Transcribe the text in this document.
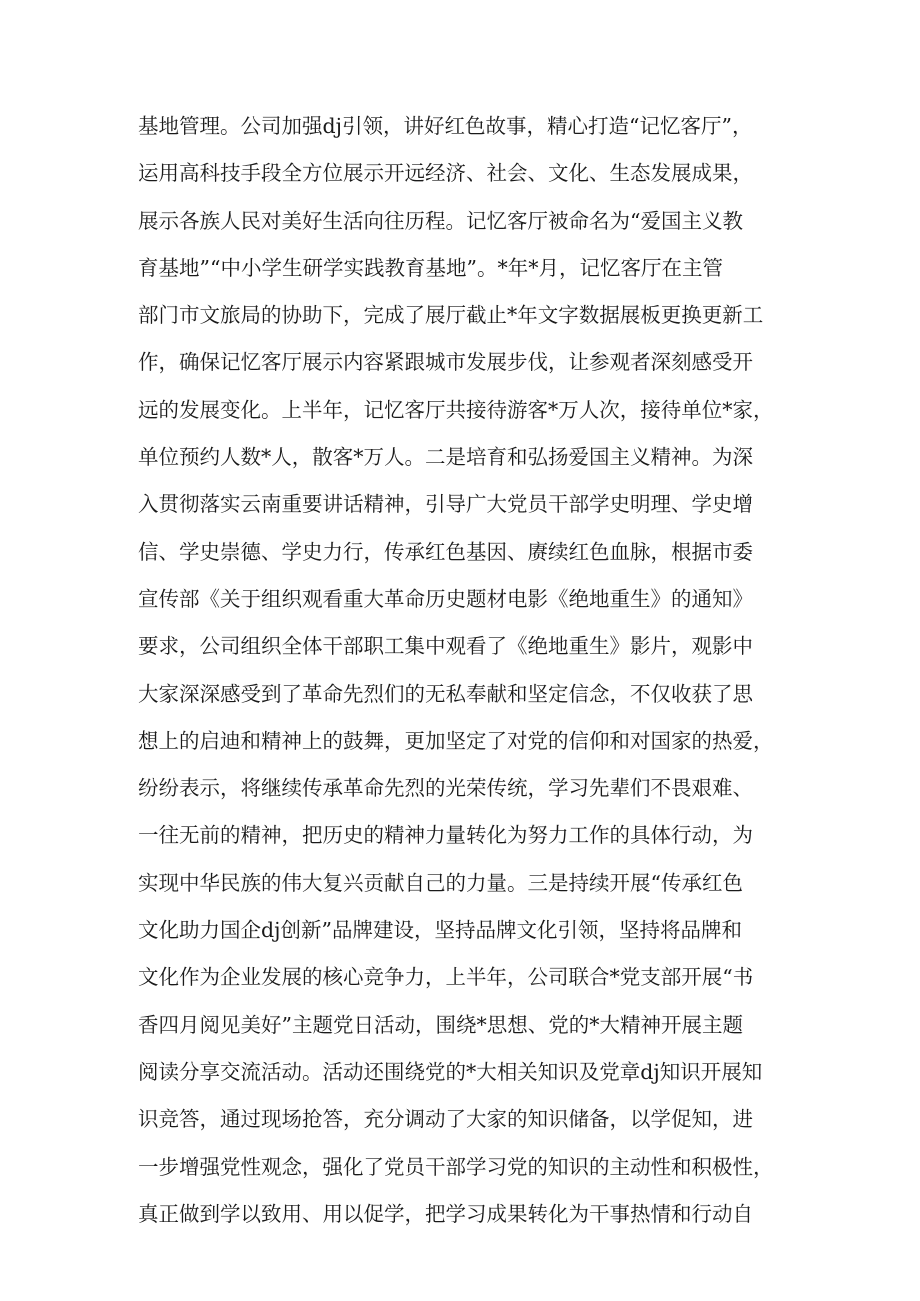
基地管理。公司加强dj引领，讲好红色故事，精心打造“记忆客厅”，
运用高科技手段全方位展示开远经济、社会、文化、生态发展成果，
展示各族人民对美好生活向往历程。记忆客厅被命名为“爱国主义教
育基地”“中小学生研学实践教育基地”。*年*月，记忆客厅在主管
部门市文旅局的协助下，完成了展厅截止*年文字数据展板更换更新工
作，确保记忆客厅展示内容紧跟城市发展步伐，让参观者深刻感受开
远的发展变化。上半年，记忆客厅共接待游客*万人次，接待单位*家，
单位预约人数*人，散客*万人。二是培育和弘扬爱国主义精神。为深
入贯彻落实云南重要讲话精神，引导广大党员干部学史明理、学史增
信、学史崇德、学史力行，传承红色基因、赓续红色血脉，根据市委
宣传部《关于组织观看重大革命历史题材电影《绝地重生》的通知》
要求，公司组织全体干部职工集中观看了《绝地重生》影片，观影中
大家深深感受到了革命先烈们的无私奉献和坚定信念，不仅收获了思
想上的启迪和精神上的鼓舞，更加坚定了对党的信仰和对国家的热爱，
纷纷表示，将继续传承革命先烈的光荣传统，学习先辈们不畏艰难、
一往无前的精神，把历史的精神力量转化为努力工作的具体行动，为
实现中华民族的伟大复兴贡献自己的力量。三是持续开展“传承红色
文化助力国企dj创新”品牌建设，坚持品牌文化引领，坚持将品牌和
文化作为企业发展的核心竞争力，上半年，公司联合*党支部开展“书
香四月阅见美好”主题党日活动，围绕*思想、党的*大精神开展主题
阅读分享交流活动。活动还围绕党的*大相关知识及党章dj知识开展知
识竞答，通过现场抢答，充分调动了大家的知识储备，以学促知，进
一步增强党性观念，强化了党员干部学习党的知识的主动性和积极性，
真正做到学以致用、用以促学，把学习成果转化为干事热情和行动自
